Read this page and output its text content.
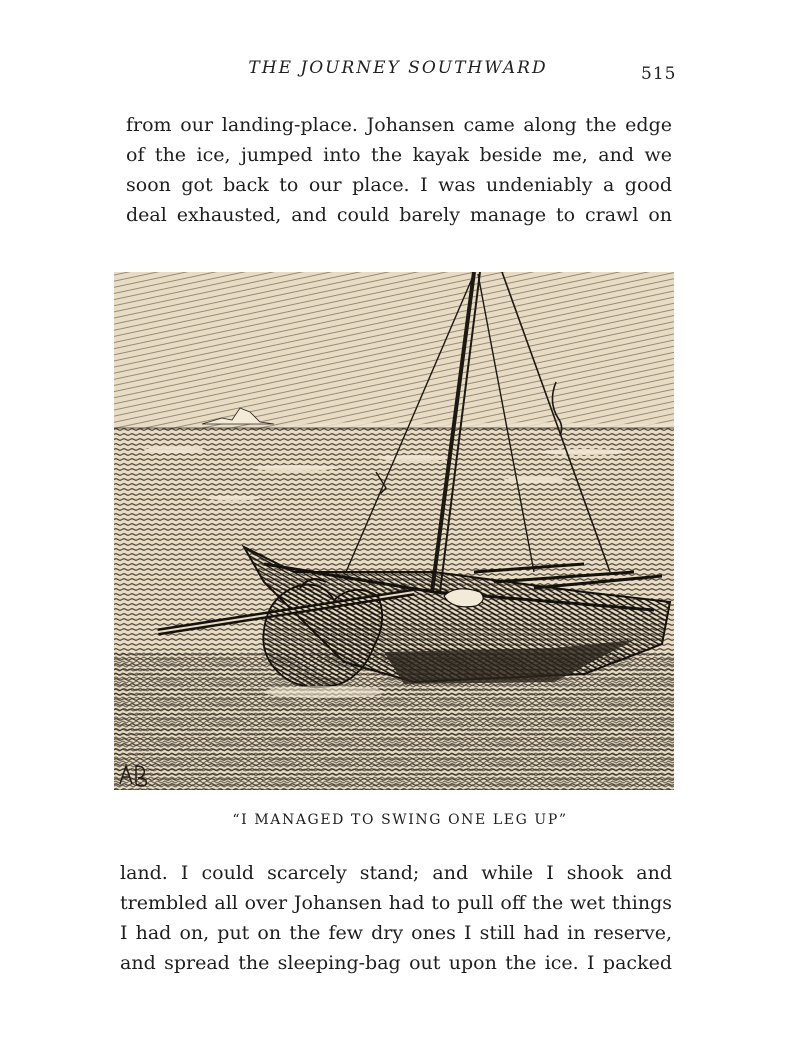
THE JOURNEY SOUTHWARD	515
from our landing-place. Johansen came along the edge
of the ice, jumped into the kayak beside me, and we
soon got back to our place. I was undeniably a good
deal exhausted, and could barely manage to crawl on
“I MANAGED TO SWING ONE LEG UP”
land. I could scarcely stand; and while I shook and
trembled all over Johansen had to pull off the wet things
I had on, put on the few dry ones I still had in reserve,
and spread the sleeping-bag out upon the ice. I packed
